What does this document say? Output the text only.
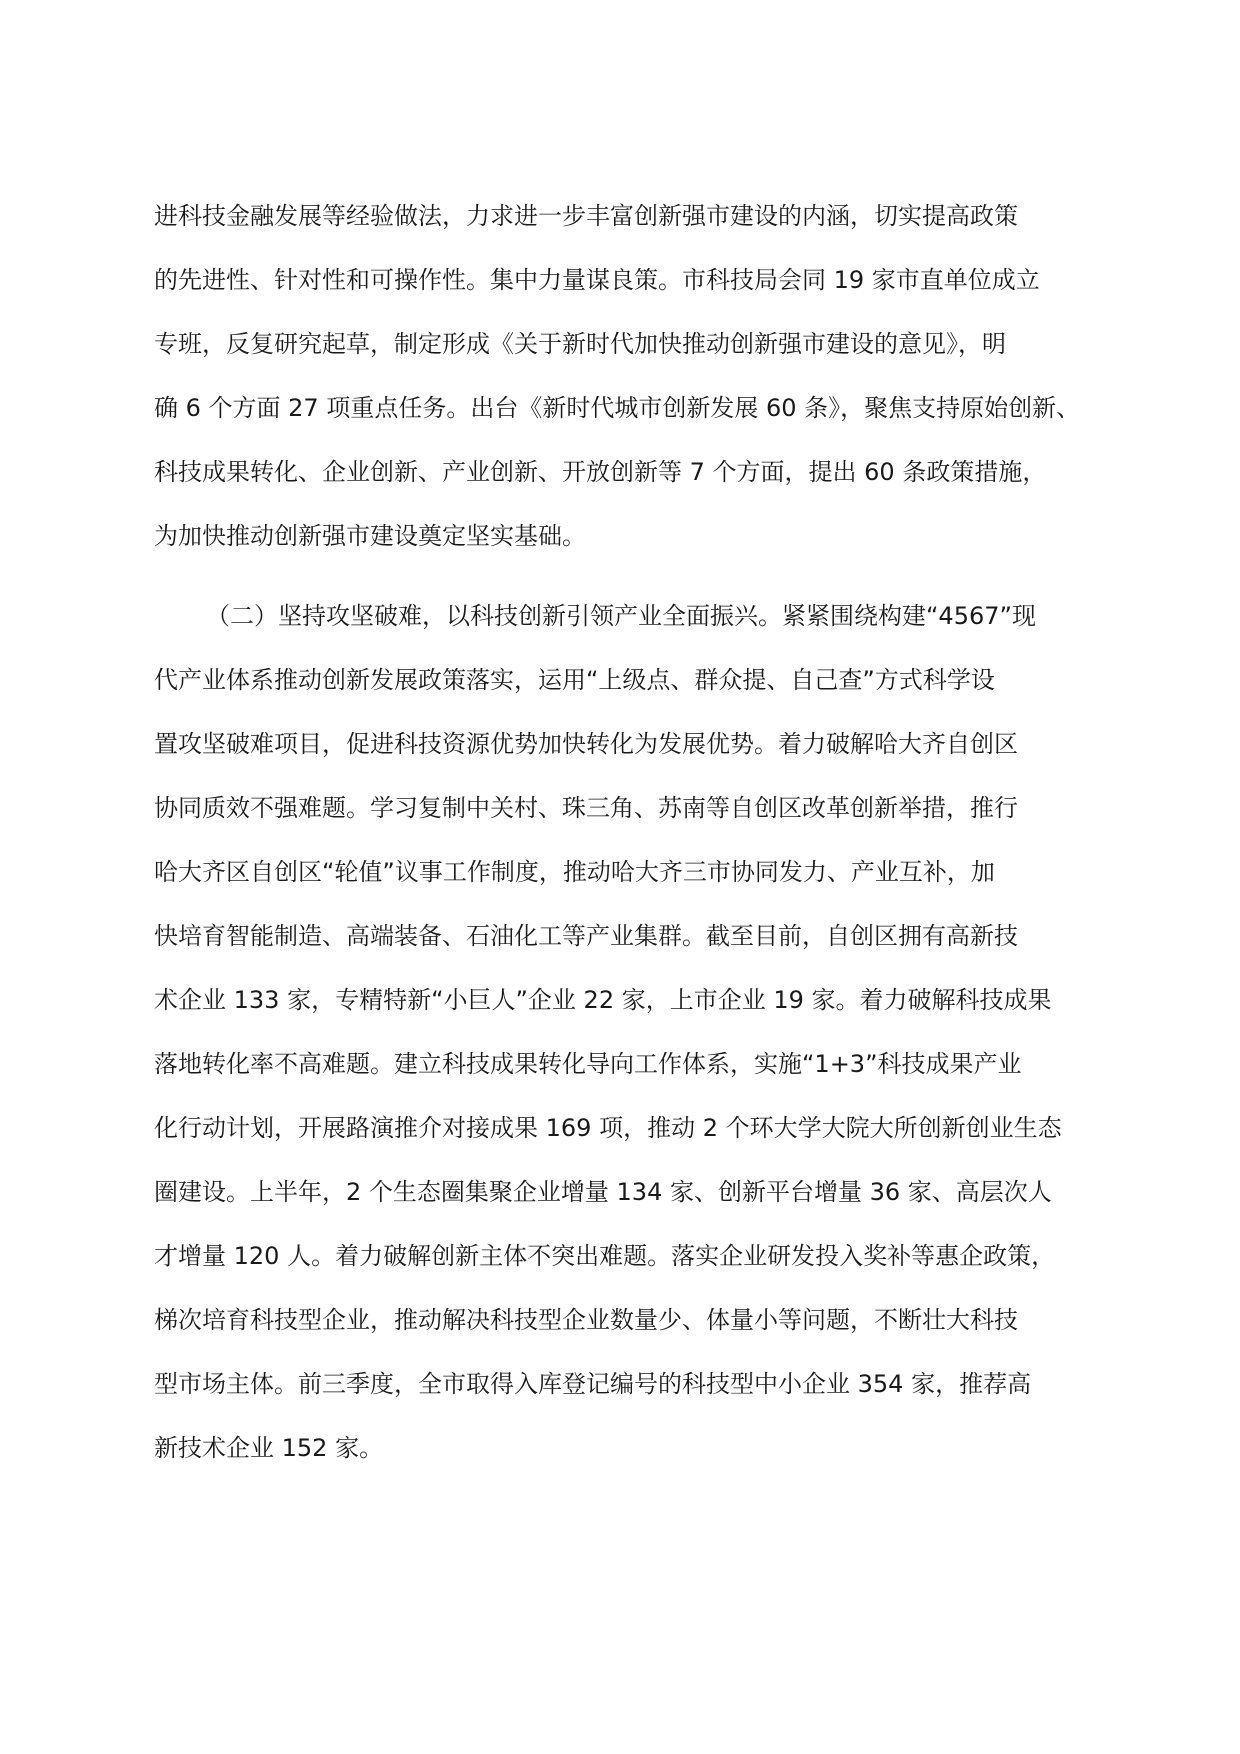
进科技金融发展等经验做法，力求进一步丰富创新强市建设的内涵，切实提高政策

的先进性、针对性和可操作性。集中力量谋良策。市科技局会同 19 家市直单位成立

专班，反复研究起草，制定形成《关于新时代加快推动创新强市建设的意见》，明

确 6 个方面 27 项重点任务。出台《新时代城市创新发展 60 条》，聚焦支持原始创新、

科技成果转化、企业创新、产业创新、开放创新等 7 个方面，提出 60 条政策措施，

为加快推动创新强市建设奠定坚实基础。

（二）坚持攻坚破难，以科技创新引领产业全面振兴。紧紧围绕构建“4567”现

代产业体系推动创新发展政策落实，运用“上级点、群众提、自己查”方式科学设

置攻坚破难项目，促进科技资源优势加快转化为发展优势。着力破解哈大齐自创区

协同质效不强难题。学习复制中关村、珠三角、苏南等自创区改革创新举措，推行

哈大齐区自创区“轮值”议事工作制度，推动哈大齐三市协同发力、产业互补，加

快培育智能制造、高端装备、石油化工等产业集群。截至目前，自创区拥有高新技

术企业 133 家，专精特新“小巨人”企业 22 家，上市企业 19 家。着力破解科技成果

落地转化率不高难题。建立科技成果转化导向工作体系，实施“1+3”科技成果产业

化行动计划，开展路演推介对接成果 169 项，推动 2 个环大学大院大所创新创业生态

圈建设。上半年，2 个生态圈集聚企业增量 134 家、创新平台增量 36 家、高层次人

才增量 120 人。着力破解创新主体不突出难题。落实企业研发投入奖补等惠企政策，

梯次培育科技型企业，推动解决科技型企业数量少、体量小等问题，不断壮大科技

型市场主体。前三季度，全市取得入库登记编号的科技型中小企业 354 家，推荐高

新技术企业 152 家。
